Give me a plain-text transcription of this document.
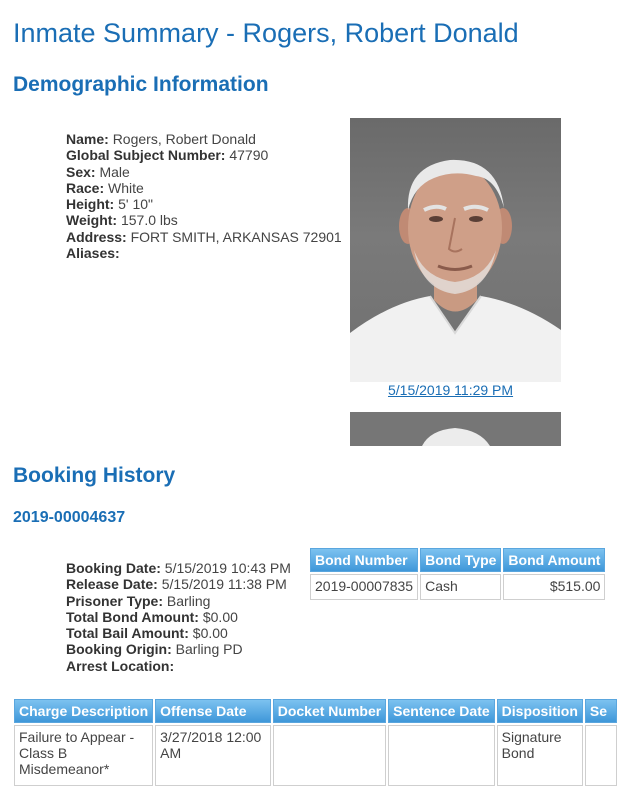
Inmate Summary - Rogers, Robert Donald
Demographic Information
Name: Rogers, Robert Donald
Global Subject Number: 47790
Sex: Male
Race: White
Height: 5' 10"
Weight: 157.0 lbs
Address: FORT SMITH, ARKANSAS 72901
Aliases:
5/15/2019 11:29 PM
Booking History
2019-00004637
Booking Date: 5/15/2019 10:43 PM
Release Date: 5/15/2019 11:38 PM
Prisoner Type: Barling
Total Bond Amount: $0.00
Total Bail Amount: $0.00
Booking Origin: Barling PD
Arrest Location:
Bond Number	Bond Type	Bond Amount
2019-00007835	Cash	$515.00
Charge Description	Offense Date	Docket Number	Sentence Date	Disposition	Se
Failure to Appear - Class B Misdemeanor*	3/27/2018 12:00 AM			Signature Bond	
